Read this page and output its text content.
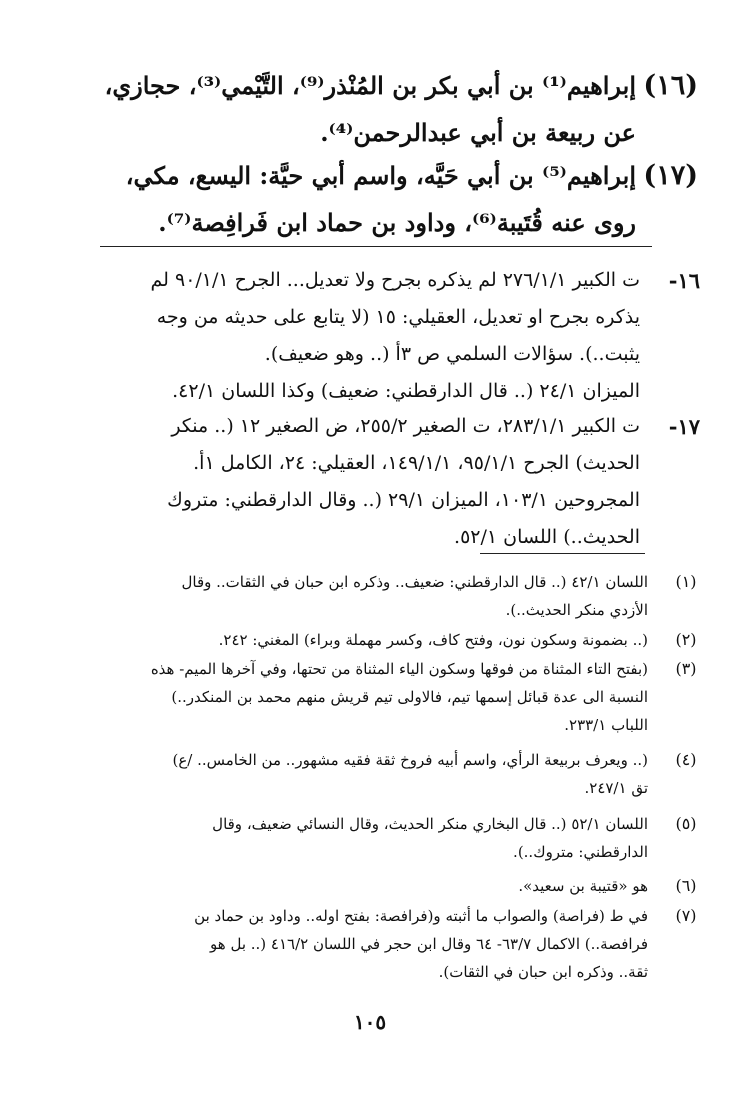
(١٦)
إبراهيم⁽¹⁾ بن أبي بكر بن المُنْذر⁽⁹⁾، التَّيْمي⁽³⁾، حجازي،
عن ربيعة بن أبي عبدالرحمن⁽⁴⁾.
(١٧)
إبراهيم⁽⁵⁾ بن أبي حَيَّه، واسم أبي حيَّة: اليسع، مكي،
روى عنه قُتَيبة⁽⁶⁾، وداود بن حماد ابن فَرافِصة⁽⁷⁾.
١٦-
ت الكبير ٢٧٦/١/١ لم يذكره بجرح ولا تعديل... الجرح ٩٠/١/١ لم
يذكره بجرح او تعديل، العقيلي: ١٥ (لا يتابع على حديثه من وجه
يثبت..). سؤالات السلمي ص ٣أ (.. وهو ضعيف).
الميزان ٢٤/١ (.. قال الدارقطني: ضعيف) وكذا اللسان ٤٢/١.
١٧-
ت الكبير ٢٨٣/١/١، ت الصغير ٢٥٥/٢، ض الصغير ١٢ (.. منكر
الحديث) الجرح ٩٥/١/١، ١٤٩/١/١، العقيلي: ٢٤، الكامل ١أ.
المجروحين ١٠٣/١، الميزان ٢٩/١ (.. وقال الدارقطني: متروك
الحديث..) اللسان ٥٢/١.
(١)
اللسان ٤٢/١ (.. قال الدارقطني: ضعيف.. وذكره ابن حبان في الثقات.. وقال
الأزدي منكر الحديث..).
(٢)
(.. بضمونة وسكون نون، وفتح كاف، وكسر مهملة وبراء) المغني: ٢٤٢.
(٣)
(بفتح التاء المثناة من فوقها وسكون الياء المثناة من تحتها، وفي آخرها الميم- هذه
النسبة الى عدة قبائل إسمها تيم، فالاولى تيم قريش منهم محمد بن المنكدر..)
اللباب ٢٣٣/١.
(٤)
(.. ويعرف بربيعة الرأي، واسم أبيه فروخ ثقة فقيه مشهور.. من الخامس.. /ع)
تق ٢٤٧/١.
(٥)
اللسان ٥٢/١ (.. قال البخاري منكر الحديث، وقال النسائي ضعيف، وقال
الدارقطني: متروك..).
(٦)
هو «قتيبة بن سعيد».
(٧)
في ط (فراصة) والصواب ما أثبته و(فرافصة: بفتح اوله.. وداود بن حماد بن
فرافصة..) الاكمال ٦٣/٧- ٦٤ وقال ابن حجر في اللسان ٤١٦/٢ (.. بل هو
ثقة.. وذكره ابن حبان في الثقات).
١٠٥
